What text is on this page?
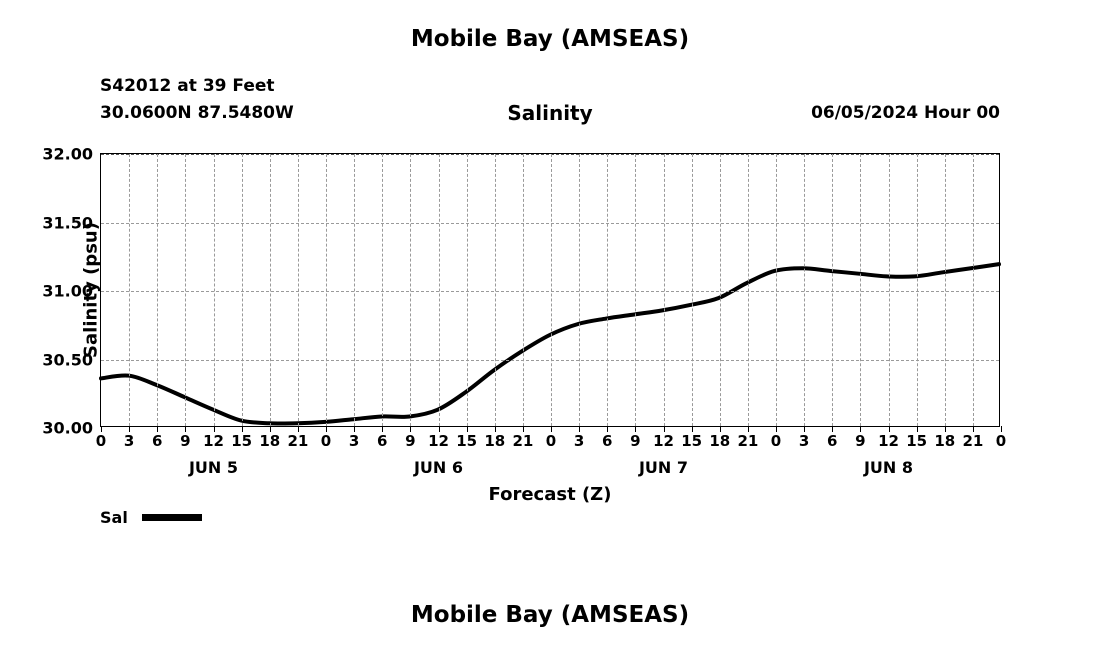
Mobile Bay (AMSEAS)
S42012 at 39 Feet
30.0600N 87.5480W	Salinity	06/05/2024 Hour 00
Salinity (psu)
Forecast (Z)
30.00
30.50
31.00
31.50
32.00
0 3 6 9 12 15 18 21 0 3 6 9 12 15 18 21 0 3 6 9 12 15 18 21 0 3 6 9 12 15 18 21 0
JUN 5	JUN 6	JUN 7	JUN 8
Sal
Mobile Bay (AMSEAS)
